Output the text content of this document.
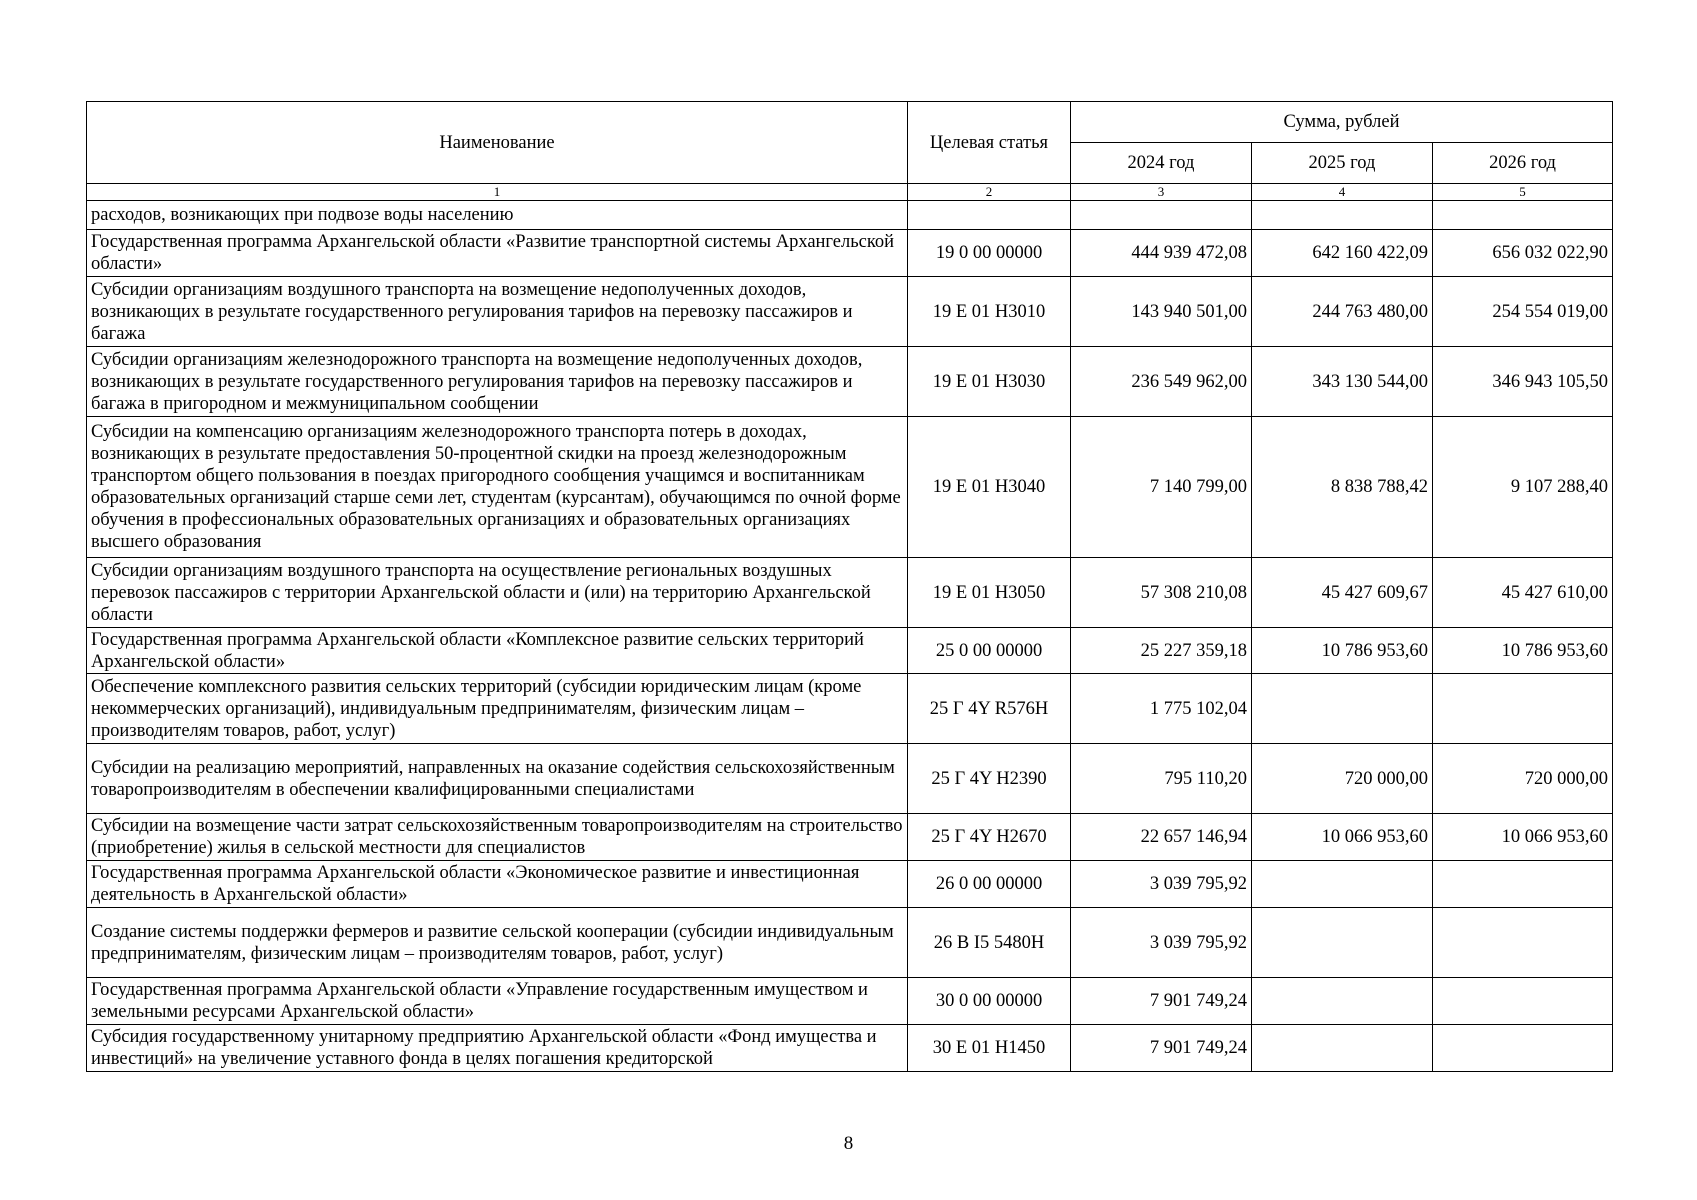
Наименование	Целевая статья	Сумма, рублей		
		2024 год	2025 год	2026 год
1	2	3	4	5
расходов, возникающих при подвозе воды населению				
Государственная программа Архангельской области «Развитие транспортной системы Архангельской области»	19 0 00 00000	444 939 472,08	642 160 422,09	656 032 022,90
Субсидии организациям воздушного транспорта на возмещение недополученных доходов, возникающих в результате государственного регулирования тарифов на перевозку пассажиров и багажа	19 Е 01 Н3010	143 940 501,00	244 763 480,00	254 554 019,00
Субсидии организациям железнодорожного транспорта на возмещение недополученных доходов, возникающих в результате государственного регулирования тарифов на перевозку пассажиров и багажа в пригородном и межмуниципальном сообщении	19 Е 01 Н3030	236 549 962,00	343 130 544,00	346 943 105,50
Субсидии на компенсацию организациям железнодорожного транспорта потерь в доходах, возникающих в результате предоставления 50-процентной скидки на проезд железнодорожным транспортом общего пользования в поездах пригородного сообщения учащимся и воспитанникам образовательных организаций старше семи лет, студентам (курсантам), обучающимся по очной форме обучения в профессиональных образовательных организациях и образовательных организациях высшего образования	19 Е 01 Н3040	7 140 799,00	8 838 788,42	9 107 288,40
Субсидии организациям воздушного транспорта на осуществление региональных воздушных перевозок пассажиров с территории Архангельской области и (или) на территорию Архангельской области	19 Е 01 Н3050	57 308 210,08	45 427 609,67	45 427 610,00
Государственная программа Архангельской области «Комплексное развитие сельских территорий Архангельской области»	25 0 00 00000	25 227 359,18	10 786 953,60	10 786 953,60
Обеспечение комплексного развития сельских территорий (субсидии юридическим лицам (кроме некоммерческих организаций), индивидуальным предпринимателям, физическим лицам – производителям товаров, работ, услуг)	25 Г 4Y R576Н	1 775 102,04		
Субсидии на реализацию мероприятий, направленных на оказание содействия сельскохозяйственным товаропроизводителям в обеспечении квалифицированными специалистами	25 Г 4Y Н2390	795 110,20	720 000,00	720 000,00
Субсидии на возмещение части затрат сельскохозяйственным товаропроизводителям на строительство (приобретение) жилья в сельской местности для специалистов	25 Г 4Y Н2670	22 657 146,94	10 066 953,60	10 066 953,60
Государственная программа Архангельской области «Экономическое развитие и инвестиционная деятельность в Архангельской области»	26 0 00 00000	3 039 795,92		
Создание системы поддержки фермеров и развитие сельской кооперации (субсидии индивидуальным предпринимателям, физическим лицам – производителям товаров, работ, услуг)	26 В I5 5480Н	3 039 795,92		
Государственная программа Архангельской области «Управление государственным имуществом и земельными ресурсами Архангельской области»	30 0 00 00000	7 901 749,24		
Субсидия государственному унитарному предприятию Архангельской области «Фонд имущества и инвестиций» на увеличение уставного фонда в целях погашения кредиторской	30 Е 01 Н1450	7 901 749,24		
8
